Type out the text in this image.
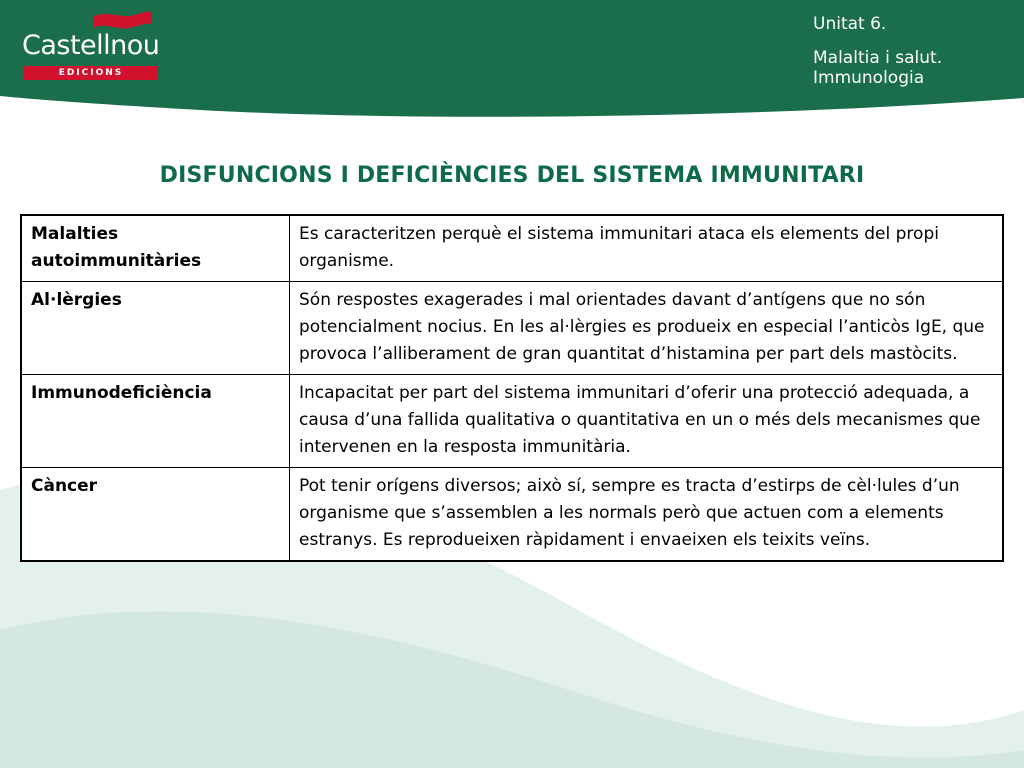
Castellnou
EDICIONS
Unitat 6.
Malaltia i salut. Immunologia
DISFUNCIONS I DEFICIÈNCIES DEL SISTEMA IMMUNITARI
Malalties autoimmunitàries	Es caracteritzen perquè el sistema immunitari ataca els elements del propi organisme.
Al·lèrgies	Són respostes exagerades i mal orientades davant d’antígens que no són potencialment nocius. En les al·lèrgies es produeix en especial l’anticòs IgE, que provoca l’alliberament de gran quantitat d’histamina per part dels mastòcits.
Immunodeficiència	Incapacitat per part del sistema immunitari d’oferir una protecció adequada, a causa d’una fallida qualitativa o quantitativa en un o més dels mecanismes que intervenen en la resposta immunitària.
Càncer	Pot tenir orígens diversos; això sí, sempre es tracta d’estirps de cèl·lules d’un organisme que s’assemblen a les normals però que actuen com a elements estranys. Es reprodueixen ràpidament i envaeixen els teixits veïns.
